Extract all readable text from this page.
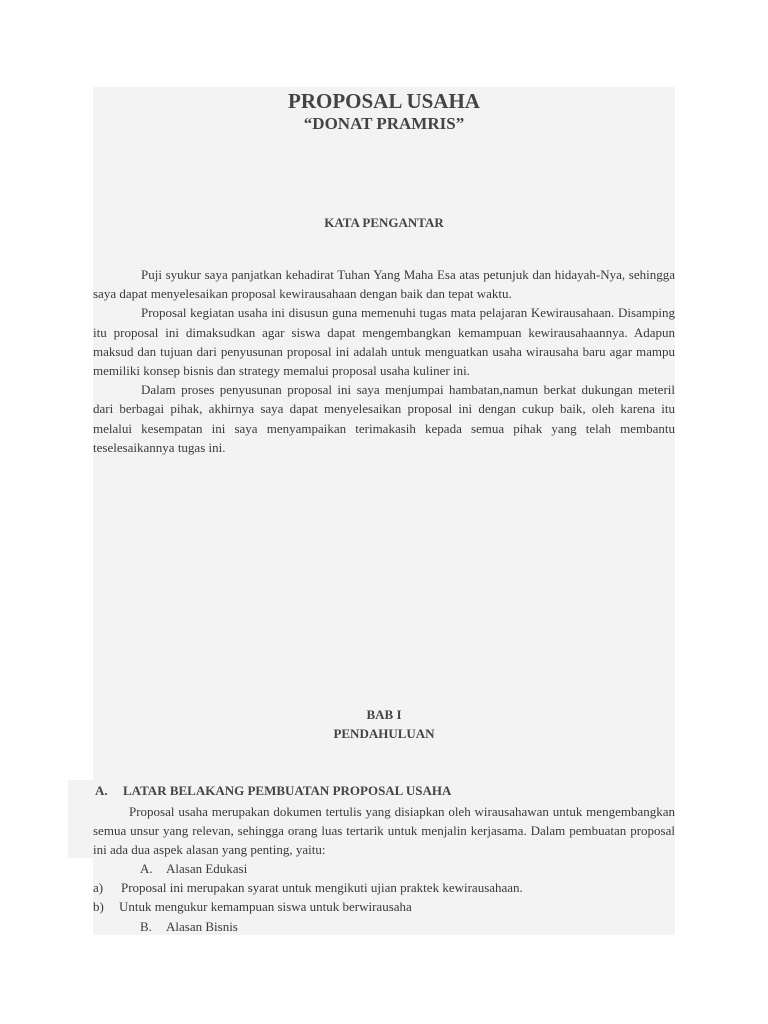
PROPOSAL USAHA
“DONAT PRAMRIS”
KATA PENGANTAR

Puji syukur saya panjatkan kehadirat Tuhan Yang Maha Esa atas petunjuk dan hidayah-Nya, sehingga saya dapat menyelesaikan proposal kewirausahaan dengan baik dan tepat waktu.

Proposal kegiatan usaha ini disusun guna memenuhi tugas mata pelajaran Kewirausahaan. Disamping itu proposal ini dimaksudkan agar siswa dapat mengembangkan kemampuan kewirausahaannya. Adapun maksud dan tujuan dari penyusunan proposal ini adalah untuk menguatkan usaha wirausaha baru agar mampu memiliki konsep bisnis dan strategy memalui proposal usaha kuliner ini.

Dalam proses penyusunan proposal ini saya menjumpai hambatan,namun berkat dukungan meteril dari berbagai pihak, akhirnya saya dapat menyelesaikan proposal ini dengan cukup baik, oleh karena itu melalui kesempatan ini saya menyampaikan terimakasih kepada semua pihak yang telah membantu teselesaikannya tugas ini.

BAB I
PENDAHULUAN
A. LATAR BELAKANG PEMBUATAN PROPOSAL USAHA

Proposal usaha merupakan dokumen tertulis yang disiapkan oleh wirausahawan untuk mengembangkan semua unsur yang relevan, sehingga orang luas tertarik untuk menjalin kerjasama. Dalam pembuatan proposal ini ada dua aspek alasan yang penting, yaitu:

A. Alasan Edukasi
a) Proposal ini merupakan syarat untuk mengikuti ujian praktek kewirausahaan.
b) Untuk mengukur kemampuan siswa untuk berwirausaha
B. Alasan Bisnis
